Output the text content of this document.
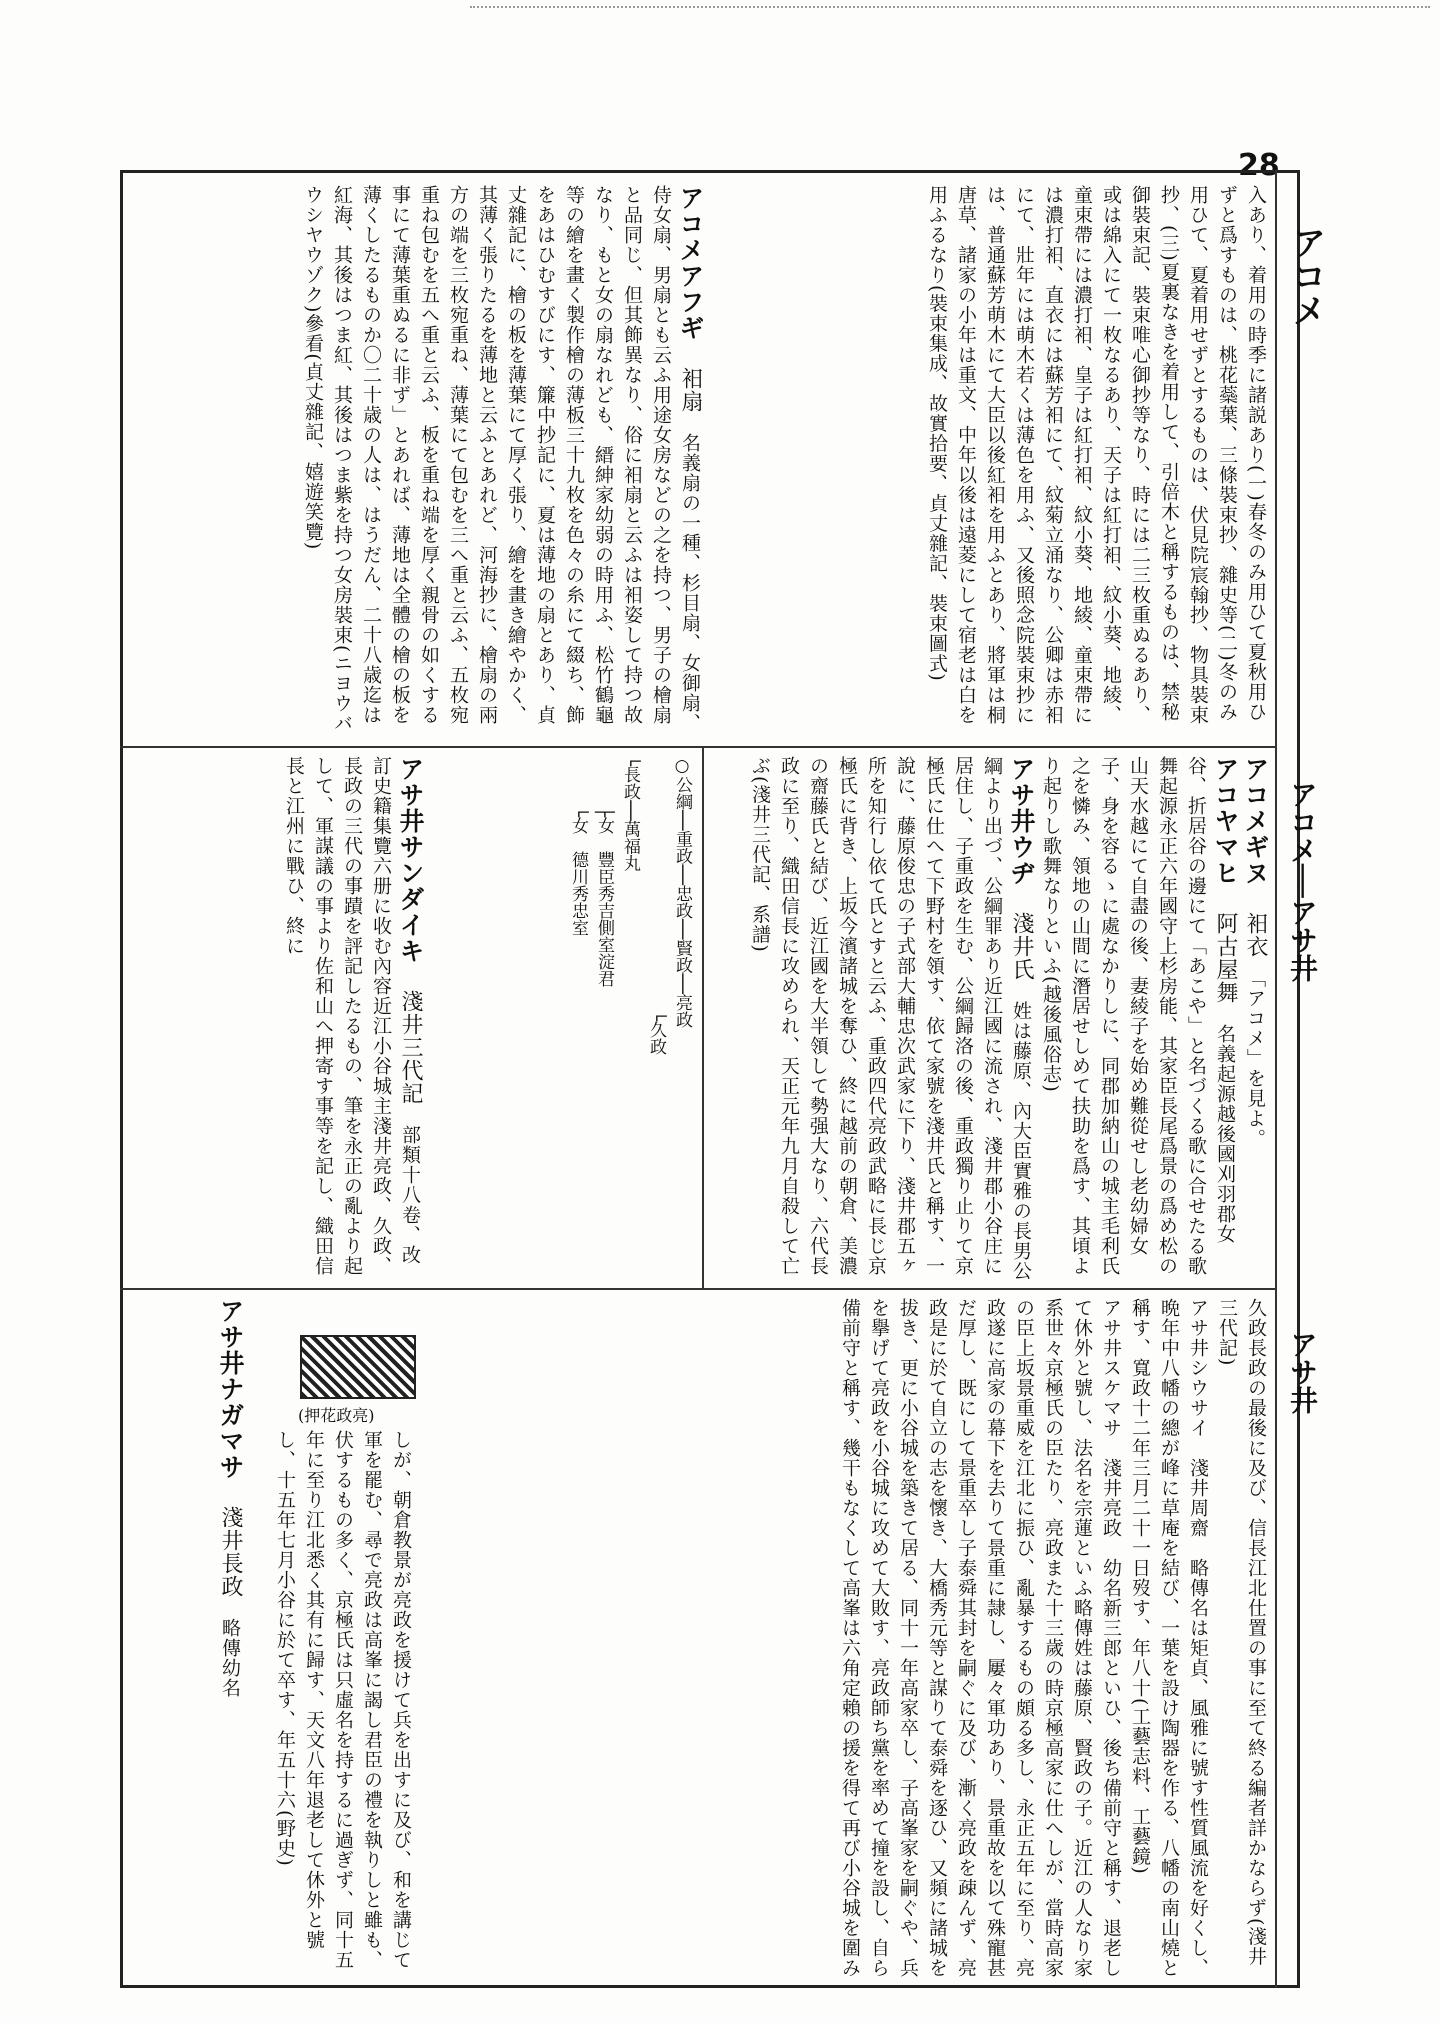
28
アコメ
アコメ──アサ井
アサ井

入あり、着用の時季に諸説あり(一)春冬のみ用ひて夏秋用ひずと爲すものは、桃花蘂葉、三條裝束抄、雜史等(二)冬のみ用ひて、夏着用せずとするものは、伏見院宸翰抄、物具裝束抄、(三)夏裏なきを着用して、引倍木と稱するものは、禁秘御裝束記、裝束唯心御抄等なり、時には二三枚重ぬるあり、或は綿入にて一枚なるあり、天子は紅打衵、紋小葵、地綾、童束帶には濃打衵、皇子は紅打衵、紋小葵、地綾、童束帶には濃打衵、直衣には蘇芳衵にて、紋菊立涌なり、公卿は赤衵にて、壯年には萌木若くは薄色を用ふ、又後照念院裝束抄には、普通蘇芳萌木にて大臣以後紅衵を用ふとあり、將軍は桐唐草、諸家の小年は重文、中年以後は遠菱にして宿老は白を用ふるなり(裝束集成、故實拾要、貞丈雜記、裝束圖式)

アコメアフギ衵扇　名義扇の一種、杉目扇、女御扇、侍女扇、男扇とも云ふ用途女房などの之を持つ、男子の檜扇と品同じ、但其飾異なり、俗に衵扇と云ふは衵姿して持つ故なり、もと女の扇なれども、縉紳家幼弱の時用ふ、松竹鶴龜等の繪を畫く製作檜の薄板三十九枚を色々の糸にて綴ち、飾をあはひむすびにす、簾中抄記に、夏は薄地の扇とあり、貞丈雜記に、檜の板を薄葉にて厚く張り、繪を畫き繪やかく、其薄く張りたるを薄地と云ふとあれど、河海抄に、檜扇の兩方の端を三枚宛重ね、薄葉にて包むを三へ重と云ふ、五枚宛重ね包むを五へ重と云ふ、板を重ね端を厚く親骨の如くする事にて薄葉重ぬるに非ず」とあれば、薄地は全體の檜の板を薄くしたるものか〇二十歳の人は、はうだん、二十八歳迄は紅海、其後はつま紅、其後はつま紫を持つ女房裝束(ニヨウバウシヤウゾク)參看(貞丈雜記、嬉遊笑覽)

アコメギヌ衵衣　「アコメ」を見よ。

アコヤマヒ阿古屋舞　名義起源越後國刈羽郡女谷、折居谷の邊にて「あこや」と名づくる歌に合せたる歌舞起源永正六年國守上杉房能、其家臣長尾爲景の爲め松の山天水越にて自盡の後、妻綾子を始め難從せし老幼婦女子、身を容るゝに處なかりしに、同郡加納山の城主毛利氏之を憐み、領地の山間に潛居せしめて扶助を爲す、其頃より起りし歌舞なりといふ(越後風俗志)

アサ井ウヂ淺井氏　姓は藤原、內大臣實雅の長男公綱より出づ、公綱罪あり近江國に流され、淺井郡小谷庄に居住し、子重政を生む、公綱歸洛の後、重政獨り止りて京極氏に仕へて下野村を領す、依て家號を淺井氏と稱す、一說に、藤原俊忠の子式部大輔忠次武家に下り、淺井郡五ヶ所を知行し依て氏とすと云ふ、重政四代亮政武略に長じ京極氏に背き、上坂今濱諸城を奪ひ、終に越前の朝倉、美濃の齋藤氏と結び、近江國を大半領して勢强大なり、六代長政に至り、織田信長に攻められ、天正元年九月自殺して亡ぶ(淺井三代記、系譜)

○公綱──重政──忠政──賢政──亮政

　　　　　　　　　　　　　　　└久政

└長政──萬福丸

　　　├女　豐臣秀吉側室淀君

　　　└女　德川秀忠室

アサ井サンダイキ淺井三代記　部類十八卷、改訂史籍集覽六册に收む內容近江小谷城主淺井亮政、久政、長政の三代の事蹟を評記したるもの、筆を永正の亂より起して、軍謀議の事より佐和山へ押寄す事等を記し、織田信長と江州に戰ひ、終に

久政長政の最後に及び、信長江北仕置の事に至て終る編者詳かならず(淺井三代記)

アサ井シウサイ　淺井周齋　略傳名は矩貞、風雅に號す性質風流を好くし、晩年中八幡の總が峰に草庵を結び、一葉を設け陶器を作る、八幡の南山燒と稱す、寬政十二年三月二十一日歿す、年八十(工藝志料、工藝鏡)

アサ井スケマサ　淺井亮政　幼名新三郎といひ、後ち備前守と稱す、退老して休外と號し、法名を宗蓮といふ略傳姓は藤原、賢政の子。近江の人なり家系世々京極氏の臣たり、亮政また十三歲の時京極高家に仕へしが、當時高家の臣上坂景重威を江北に振ひ、亂暴するもの頗る多し、永正五年に至り、亮政遂に高家の幕下を去りて景重に隷し、屢々軍功あり、景重故を以て殊寵甚だ厚し、既にして景重卒し子泰舜其封を嗣ぐに及び、漸く亮政を疎んず、亮政是に於て自立の志を懷き、大橋秀元等と謀りて泰舜を逐ひ、又頻に諸城を拔き、更に小谷城を築きて居る、同十一年高家卒し、子高峯家を嗣ぐや、兵を擧げて亮政を小谷城に攻めて大敗す、亮政師ち黨を率めて撞を設し、自ら備前守と稱す、幾干もなくして高峯は六角定賴の援を得て再び小谷城を圍み

(押花政亮)

しが、朝倉教景が亮政を援けて兵を出すに及び、和を講じて軍を罷む、尋で亮政は高峯に謁し君臣の禮を執りしと雖も、伏するもの多く、京極氏は只虛名を持するに過ぎず、同十五年に至り江北悉く其有に歸す、天文八年退老して休外と號し、十五年七月小谷に於て卒す、年五十六(野史)

アサ井ナガマサ淺井長政　略傳幼名
